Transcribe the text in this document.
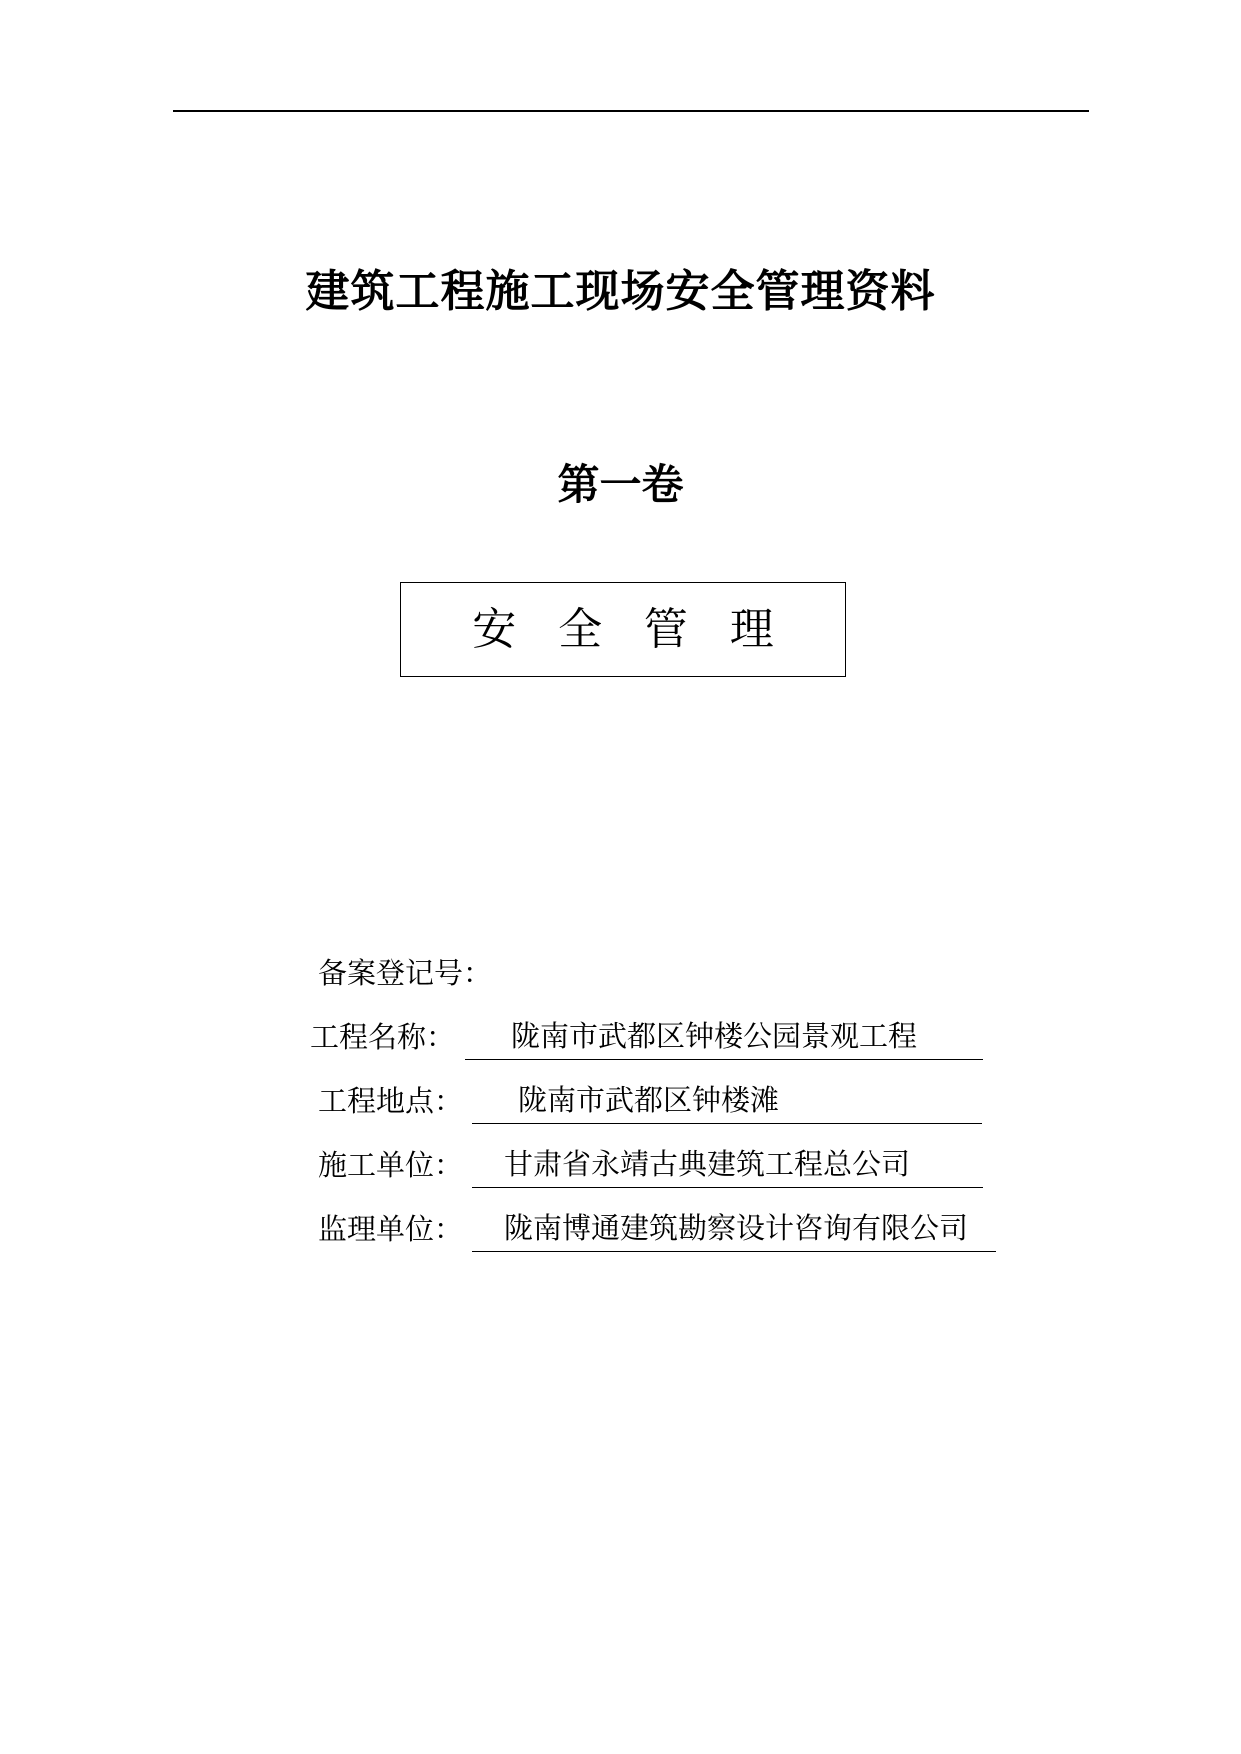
建筑工程施工现场安全管理资料
第一卷
安全管理
备案登记号：
工程名称：	陇南市武都区钟楼公园景观工程
工程地点：	陇南市武都区钟楼滩
施工单位：	甘肃省永靖古典建筑工程总公司
监理单位：	陇南博通建筑勘察设计咨询有限公司
